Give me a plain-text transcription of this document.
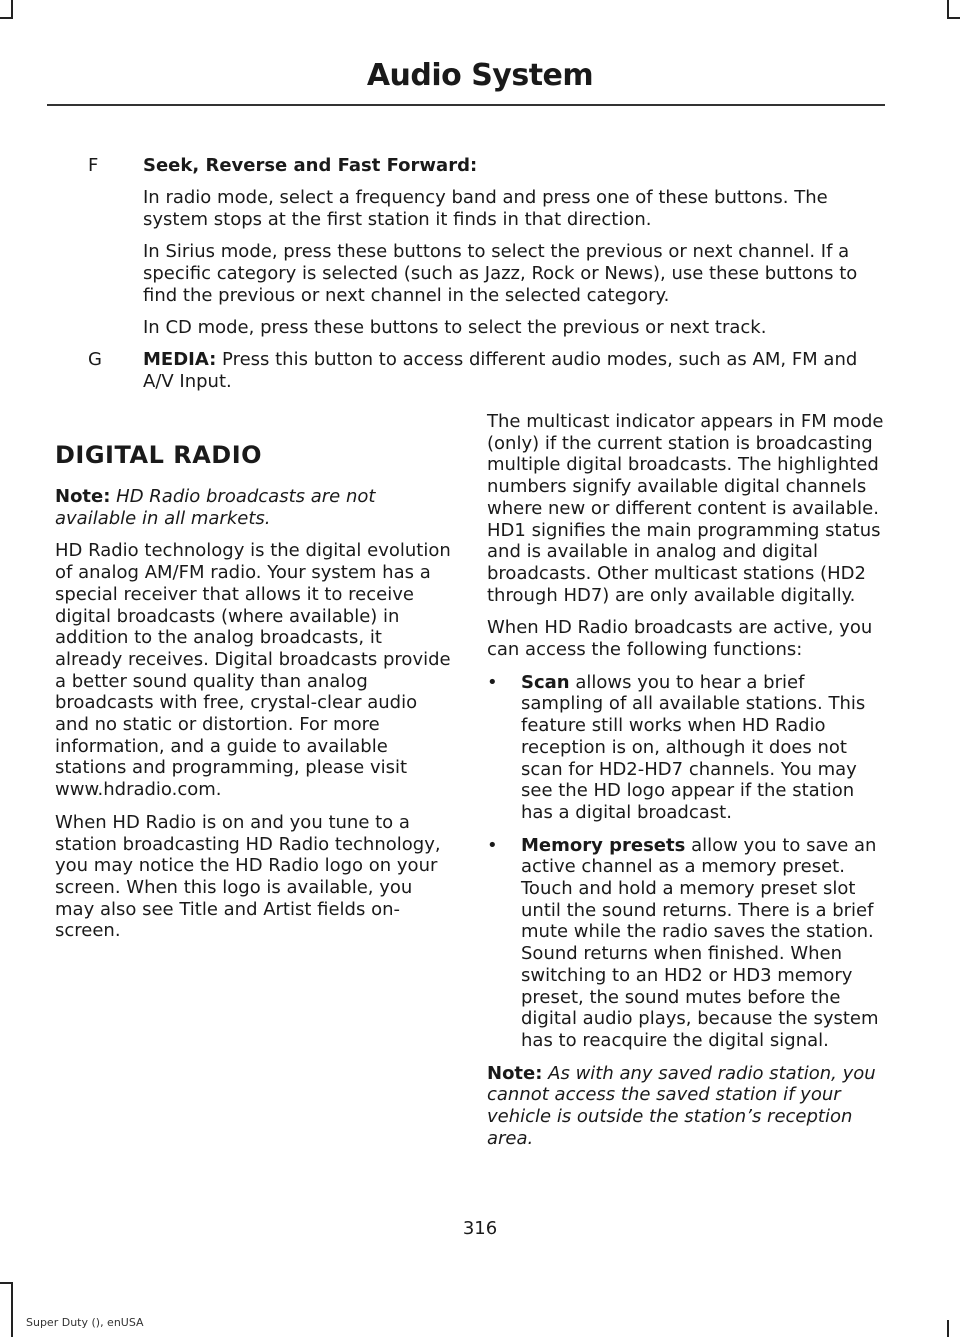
Audio System
F Seek, Reverse and Fast Forward:

In radio mode, select a frequency band and press one of these buttons. The system stops at the first station it finds in that direction.

In Sirius mode, press these buttons to select the previous or next channel. If a specific category is selected (such as Jazz, Rock or News), use these buttons to find the previous or next channel in the selected category.

In CD mode, press these buttons to select the previous or next track.

G MEDIA: Press this button to access different audio modes, such as AM, FM and A/V Input.

DIGITAL RADIO

Note: HD Radio broadcasts are not available in all markets.

HD Radio technology is the digital evolution of analog AM/FM radio. Your system has a special receiver that allows it to receive digital broadcasts (where available) in addition to the analog broadcasts, it already receives. Digital broadcasts provide a better sound quality than analog broadcasts with free, crystal-clear audio and no static or distortion. For more information, and a guide to available stations and programming, please visit www.hdradio.com.

When HD Radio is on and you tune to a station broadcasting HD Radio technology, you may notice the HD Radio logo on your screen. When this logo is available, you may also see Title and Artist fields on-screen.

The multicast indicator appears in FM mode (only) if the current station is broadcasting multiple digital broadcasts. The highlighted numbers signify available digital channels where new or different content is available. HD1 signifies the main programming status and is available in analog and digital broadcasts. Other multicast stations (HD2 through HD7) are only available digitally.

When HD Radio broadcasts are active, you can access the following functions:

• Scan allows you to hear a brief sampling of all available stations. This feature still works when HD Radio reception is on, although it does not scan for HD2-HD7 channels. You may see the HD logo appear if the station has a digital broadcast.
• Memory presets allow you to save an active channel as a memory preset. Touch and hold a memory preset slot until the sound returns. There is a brief mute while the radio saves the station. Sound returns when finished. When switching to an HD2 or HD3 memory preset, the sound mutes before the digital audio plays, because the system has to reacquire the digital signal.

Note: As with any saved radio station, you cannot access the saved station if your vehicle is outside the station’s reception area.

316
Super Duty (), enUSA
